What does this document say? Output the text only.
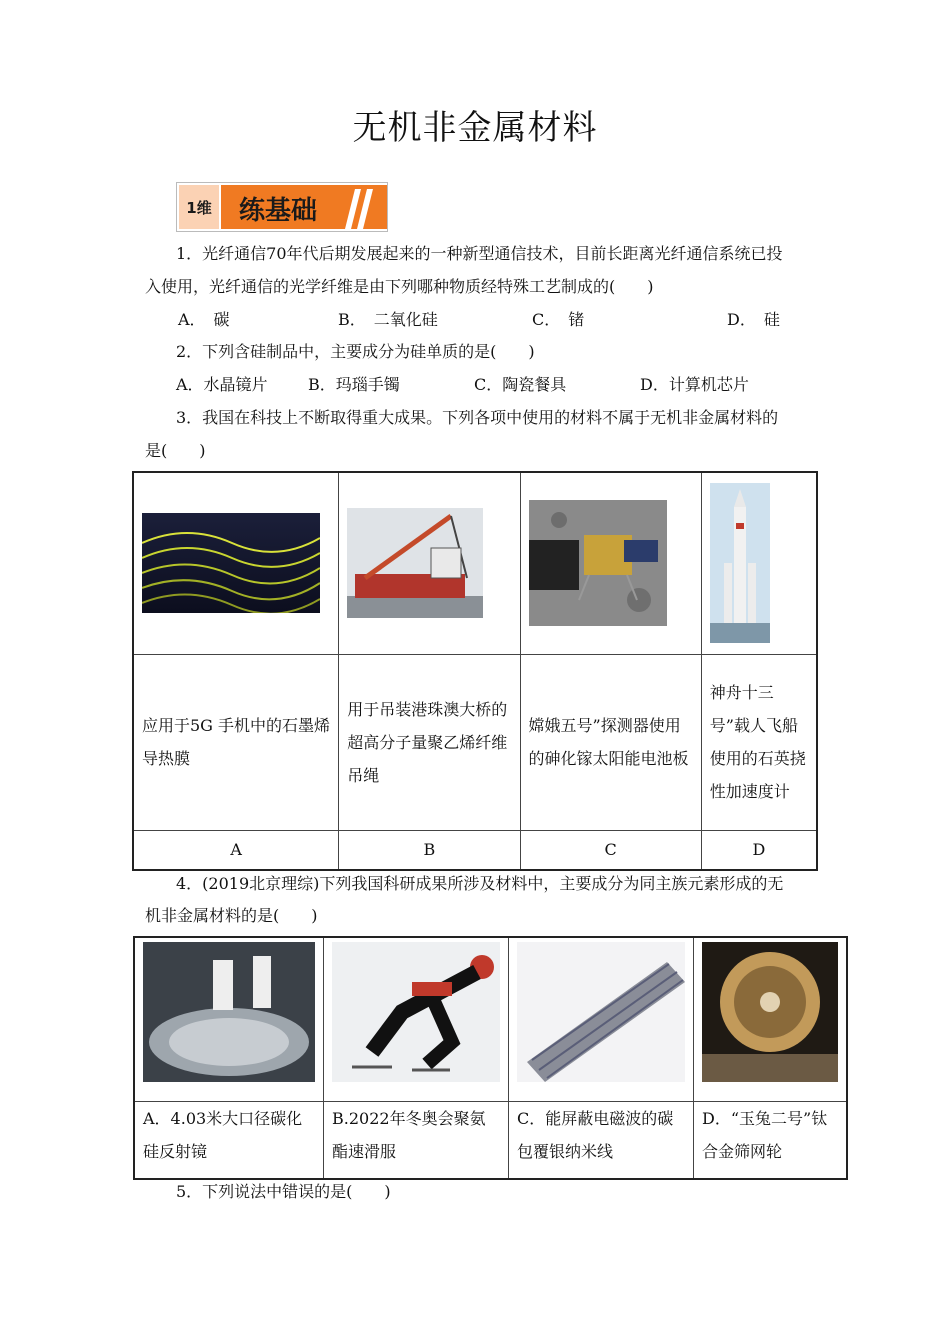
无机非金属材料
1维 练基础
1．光纤通信70年代后期发展起来的一种新型通信技术，目前长距离光纤通信系统已投
入使用，光纤通信的光学纤维是由下列哪种物质经特殊工艺制成的(　　)
A．　碳	B．　二氧化硅	C．　锗	D．　硅
2．下列含硅制品中，主要成分为硅单质的是(　　)
A．水晶镜片	B．玛瑙手镯	C．陶瓷餐具	D．计算机芯片
3．我国在科技上不断取得重大成果。下列各项中使用的材料不属于无机非金属材料的
是(　　)

应用于5G 手机中的石墨烯导热膜	用于吊装港珠澳大桥的超高分子量聚乙烯纤维吊绳	嫦娥五号”探测器使用的砷化镓太阳能电池板	神舟十三号”载人飞船使用的石英挠性加速度计
A	B	C	D
4．(2019北京理综)下列我国科研成果所涉及材料中，主要成分为同主族元素形成的无
机非金属材料的是(　　)

A．4.03米大口径碳化硅反射镜	B.2022年冬奥会聚氨酯速滑服	C．能屏蔽电磁波的碳包覆银纳米线	D．“玉兔二号”钛合金筛网轮
5．下列说法中错误的是(　　)
